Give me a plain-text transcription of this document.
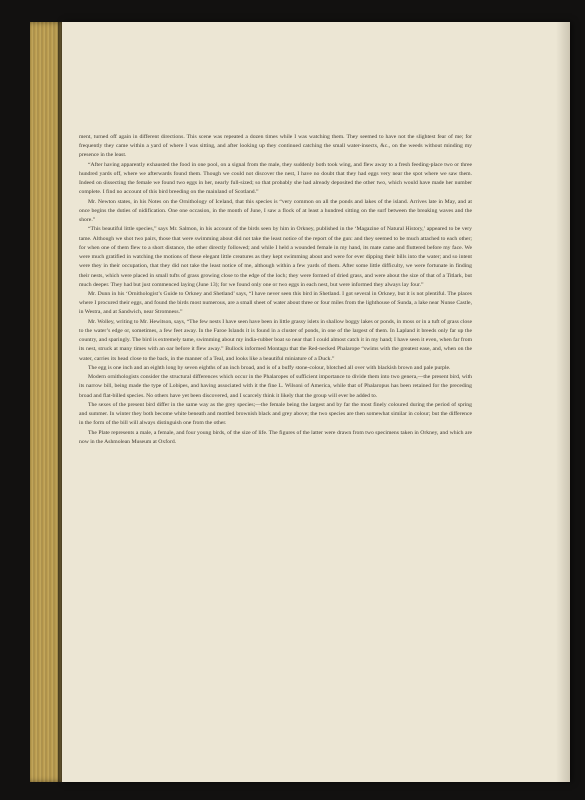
ment, turned off again in different directions. This scene was repeated a dozen times while I was watching them. They seemed to have not the slightest fear of me; for frequently they came within a yard of where I was sitting, and after looking up they continued catching the small water-insects, &c., on the weeds without minding my presence in the least.

“After having apparently exhausted the food in one pool, on a signal from the male, they suddenly both took wing, and flew away to a fresh feeding-place two or three hundred yards off, where we afterwards found them. Though we could not discover the nest, I have no doubt that they had eggs very near the spot where we saw them. Indeed on dissecting the female we found two eggs in her, nearly full-sized; so that probably she had already deposited the other two, which would have made her number complete. I find no account of this bird breeding on the mainland of Scotland.”

Mr. Newton states, in his Notes on the Ornithology of Iceland, that this species is “very common on all the ponds and lakes of the island. Arrives late in May, and at once begins the duties of nidification. One one occasion, in the month of June, I saw a flock of at least a hundred sitting on the surf between the breaking waves and the shore.”

“This beautiful little species,” says Mr. Salmon, in his account of the birds seen by him in Orkney, published in the ‘Magazine of Natural History,’ appeared to be very tame. Although we shot two pairs, those that were swimming about did not take the least notice of the report of the gun: and they seemed to be much attached to each other; for when one of them flew to a short distance, the other directly followed; and while I held a wounded female in my hand, its mate came and fluttered before my face. We were much gratified in watching the motions of these elegant little creatures as they kept swimming about and were for ever dipping their bills into the water; and so intent were they in their occupation, that they did not take the least notice of me, although within a few yards of them. After some little difficulty, we were fortunate in finding their nests, which were placed in small tufts of grass growing close to the edge of the loch; they were formed of dried grass, and were about the size of that of a Titlark, but much deeper. They had but just commenced laying (June 13); for we found only one or two eggs in each nest, but were informed they always lay four.”

Mr. Dunn in his ‘Ornithologist’s Guide to Orkney and Shetland’ says, “I have never seen this bird in Shetland. I got several in Orkney, but it is not plentiful. The places where I procured their eggs, and found the birds most numerous, are a small sheet of water about three or four miles from the lighthouse of Sunda, a lake near Nunse Castle, in Westra, and at Sandwich, near Stromness.”

Mr. Wolley, writing to Mr. Hewitson, says, “The few nests I have seen have been in little grassy islets in shallow boggy lakes or ponds, in moss or in a tuft of grass close to the water’s edge or, sometimes, a few feet away. In the Faroe Islands it is found in a cluster of ponds, in one of the largest of them. In Lapland it breeds only far up the country, and sparingly. The bird is extremely tame, swimming about my india-rubber boat so near that I could almost catch it in my hand; I have seen it even, when far from its nest, struck at many times with an oar before it flew away.” Bullock informed Montagu that the Red-necked Phalarope “swims with the greatest ease, and, when on the water, carries its head close to the back, in the manner of a Teal, and looks like a beautiful miniature of a Duck.”

The egg is one inch and an eighth long by seven eighths of an inch broad, and is of a buffy stone-colour, blotched all over with blackish brown and pale purple.

Modern ornithologists consider the structural differences which occur in the Phalaropes of sufficient importance to divide them into two genera,—the present bird, with its narrow bill, being made the type of Lobipes, and having associated with it the fine L. Wilsoni of America, while that of Phalaropus has been retained for the preceding broad and flat-billed species. No others have yet been discovered, and I scarcely think it likely that the group will ever be added to.

The sexes of the present bird differ in the same way as the grey species;—the female being the largest and by far the most finely coloured during the period of spring and summer. In winter they both become white beneath and mottled brownish black and grey above; the two species are then somewhat similar in colour; but the difference in the form of the bill will always distinguish one from the other.

The Plate represents a male, a female, and four young birds, of the size of life. The figures of the latter were drawn from two specimens taken in Orkney, and which are now in the Ashmolean Museum at Oxford.
